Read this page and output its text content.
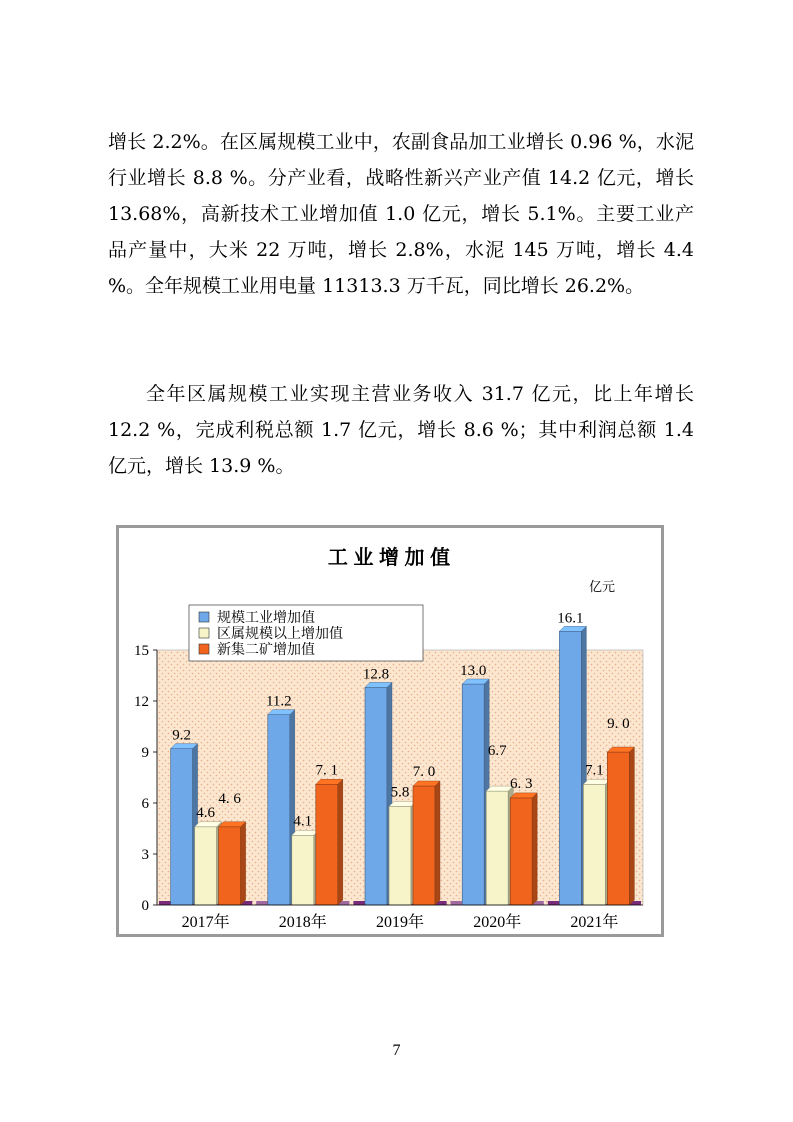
增长 2.2%。在区属规模工业中，农副食品加工业增长 0.96 %，水泥行业增长 8.8 %。分产业看，战略性新兴产业产值 14.2 亿元，增长 13.68%，高新技术工业增加值 1.0 亿元，增长 5.1%。主要工业产品产量中，大米 22 万吨，增长 2.8%，水泥 145 万吨，增长 4.4 %。全年规模工业用电量 11313.3 万千瓦，同比增长 26.2%。

全年区属规模工业实现主营业务收入 31.7 亿元，比上年增长 12.2 %，完成利税总额 1.7 亿元，增长 8.6 %；其中利润总额 1.4 亿元，增长 13.9 %。

9.2
4.6
4. 6
11.2
4.1
7. 1
12.8
5.8
7. 0
13.0
6.7
6. 3
16.1
7.1
9. 0
0
3
6
9
12
15
2017年	2018年	2019年	2020年	2021年
工 业 增 加 值
亿元
规模工业增加值
区属规模以上增加值
新集二矿增加值
7
